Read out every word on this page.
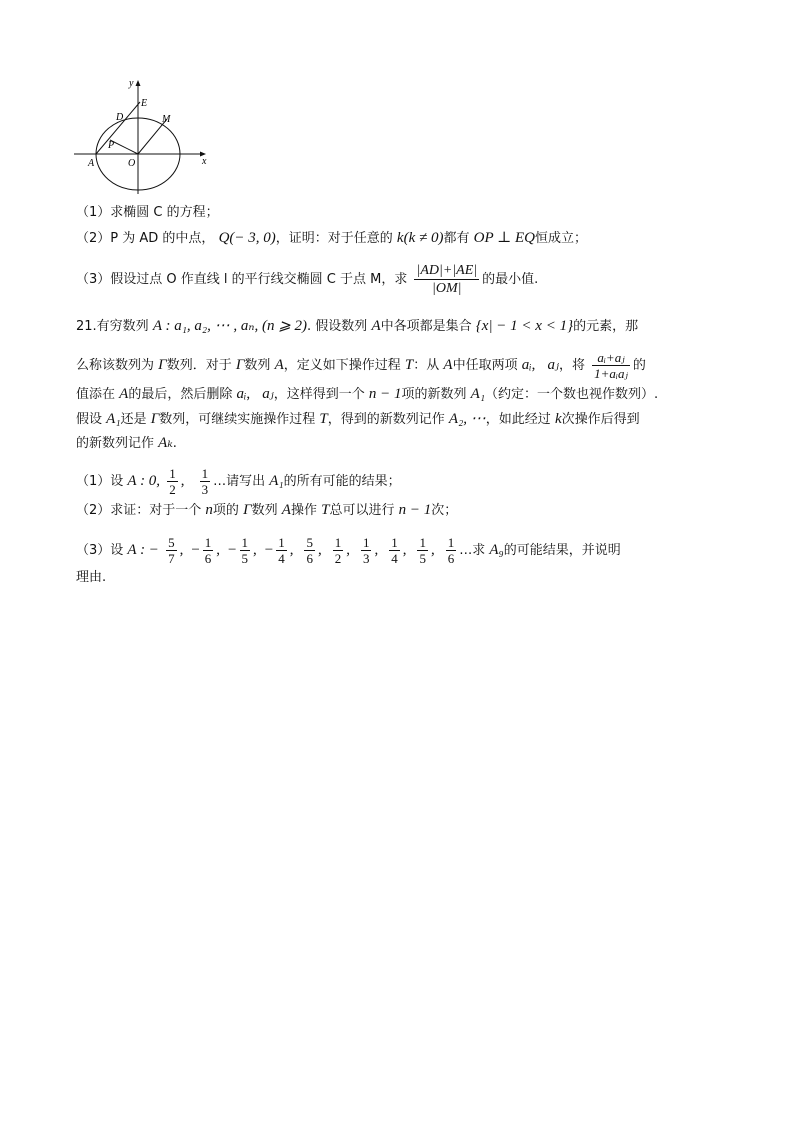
y
x
E
D	M
P
A	O
（1）求椭圆 C 的方程；
（2）P 为 AD 的中点， Q(− 3, 0)，证明：对于任意的 k(k ≠ 0)都有 OP ⊥ EQ恒成立；
（3）假设过点 O 作直线 l 的平行线交椭圆 C 于点 M，求 $\frac{|AD|+|AE|}{|OM|}$ 的最小值.
21.有穷数列 A : a₁, a₂, ⋯ , aₙ, (n ⩾ 2). 假设数列 A中各项都是集合 {x| − 1 < x < 1}的元素，那
么称该数列为 Γ数列．对于 Γ数列 A，定义如下操作过程 T：从 A中任取两项 aᵢ, aⱼ，将 $\frac{\text{aᵢ+aⱼ}}{\text{1+aᵢaⱼ}}$ 的
值添在 A的最后，然后删除 aᵢ, aⱼ，这样得到一个 n − 1项的新数列 A₁（约定：一个数也视作数列）.
假设 A₁还是 Γ数列，可继续实施操作过程 T，得到的新数列记作 A₂, ⋯，如此经过 k次操作后得到
的新数列记作 Aₖ.
（1）设 A : 0, $\frac{1}{2}$ , $\frac{1}{3}$ …请写出 A₁的所有可能的结果；
（2）求证：对于一个 n项的 Γ数列 A操作 T总可以进行 n − 1次；
（3）设 A : − $\frac{5}{7}$ , − $\frac{1}{6}$ , − $\frac{1}{5}$ , − $\frac{1}{4}$ , $\frac{5}{6}$ , $\frac{1}{2}$ , $\frac{1}{3}$ , $\frac{1}{4}$ , $\frac{1}{5}$ , $\frac{1}{6}$ …求 A₉的可能结果，并说明
理由.
